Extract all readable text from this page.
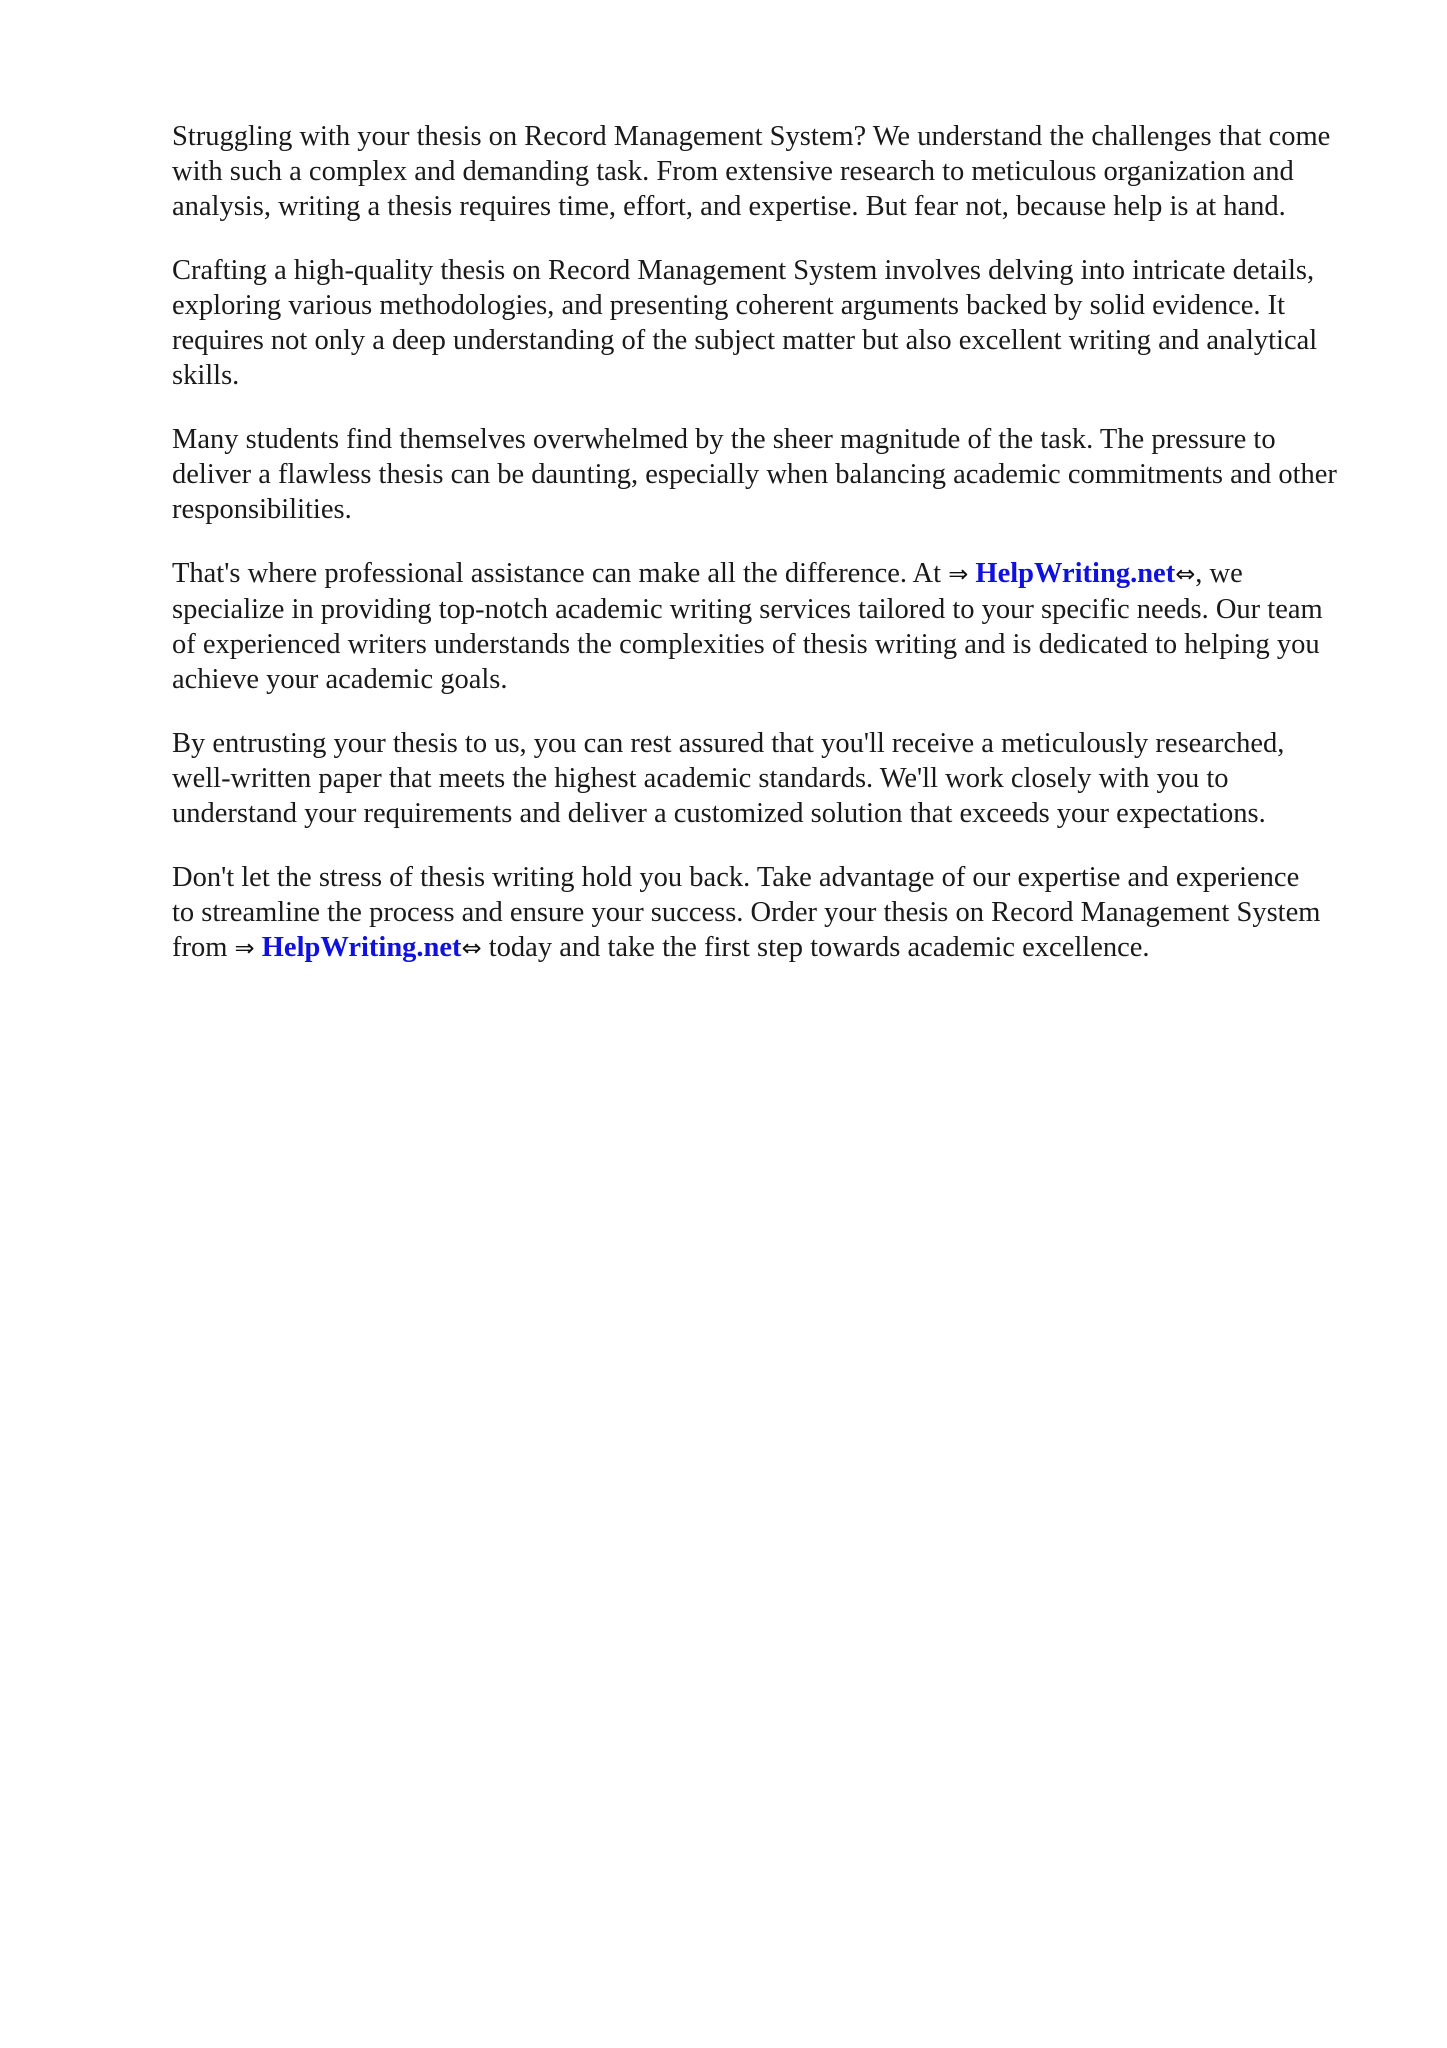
Struggling with your thesis on Record Management System? We understand the challenges that come
with such a complex and demanding task. From extensive research to meticulous organization and
analysis, writing a thesis requires time, effort, and expertise. But fear not, because help is at hand.

Crafting a high-quality thesis on Record Management System involves delving into intricate details,
exploring various methodologies, and presenting coherent arguments backed by solid evidence. It
requires not only a deep understanding of the subject matter but also excellent writing and analytical
skills.

Many students find themselves overwhelmed by the sheer magnitude of the task. The pressure to
deliver a flawless thesis can be daunting, especially when balancing academic commitments and other
responsibilities.

That's where professional assistance can make all the difference. At ⇒ HelpWriting.net⇔, we
specialize in providing top-notch academic writing services tailored to your specific needs. Our team
of experienced writers understands the complexities of thesis writing and is dedicated to helping you
achieve your academic goals.

By entrusting your thesis to us, you can rest assured that you'll receive a meticulously researched,
well-written paper that meets the highest academic standards. We'll work closely with you to
understand your requirements and deliver a customized solution that exceeds your expectations.

Don't let the stress of thesis writing hold you back. Take advantage of our expertise and experience
to streamline the process and ensure your success. Order your thesis on Record Management System
from ⇒ HelpWriting.net⇔ today and take the first step towards academic excellence.
